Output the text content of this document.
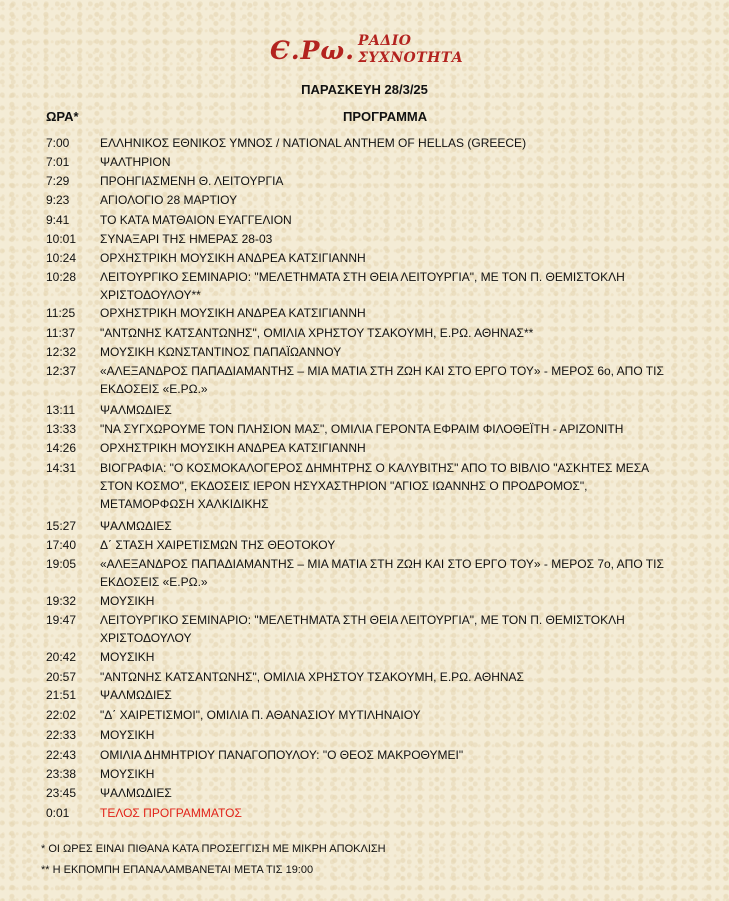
Є.Ρω. ΡΑΔΙΟ
ΣΥΧΝΟΤΗΤΑ
ΠΑΡΑΣΚΕΥΗ 28/3/25
ΩΡΑ*	ΠΡΟΓΡΑΜΜΑ
7:00	ΕΛΛΗΝΙΚΟΣ ΕΘΝΙΚΟΣ ΥΜΝΟΣ / NATIONAL ANTHEM OF HELLAS (GREECE)
7:01	ΨΑΛΤΗΡΙΟΝ
7:29	ΠΡΟΗΓΙΑΣΜΕΝΗ Θ. ΛΕΙΤΟΥΡΓΙΑ
9:23	ΑΓΙΟΛΟΓΙΟ 28 ΜΑΡΤΙΟΥ
9:41	ΤΟ ΚΑΤΑ ΜΑΤΘΑΙΟΝ ΕΥΑΓΓΕΛΙΟΝ
10:01 ΣΥΝΑΞΑΡΙ ΤΗΣ ΗΜΕΡΑΣ 28-03
10:24 ΟΡΧΗΣΤΡΙΚΗ ΜΟΥΣΙΚΗ ΑΝΔΡΕΑ ΚΑΤΣΙΓΙΑΝΝΗ
10:28 ΛΕΙΤΟΥΡΓΙΚΟ ΣΕΜΙΝΑΡΙΟ: "ΜΕΛΕΤΗΜΑΤΑ ΣΤΗ ΘΕΙΑ ΛΕΙΤΟΥΡΓΙΑ", ΜΕ ΤΟΝ Π. ΘΕΜΙΣΤΟΚΛΗ ΧΡΙΣΤΟΔΟΥΛΟΥ**
11:25 ΟΡΧΗΣΤΡΙΚΗ ΜΟΥΣΙΚΗ ΑΝΔΡΕΑ ΚΑΤΣΙΓΙΑΝΝΗ
11:37 "ΑΝΤΩΝΗΣ ΚΑΤΣΑΝΤΩΝΗΣ", ΟΜΙΛΙΑ ΧΡΗΣΤΟΥ ΤΣΑΚΟΥΜΗ, Ε.ΡΩ. ΑΘΗΝΑΣ**
12:32 ΜΟΥΣΙΚΗ ΚΩΝΣΤΑΝΤΙΝΟΣ ΠΑΠΑΪΩΑΝΝΟΥ
12:37 «ΑΛΕΞΑΝΔΡΟΣ ΠΑΠΑΔΙΑΜΑΝΤΗΣ – ΜΙΑ ΜΑΤΙΑ ΣΤΗ ΖΩΗ ΚΑΙ ΣΤΟ ΕΡΓΟ ΤΟΥ» - ΜΕΡΟΣ 6ο, ΑΠΟ ΤΙΣ ΕΚΔΟΣΕΙΣ «Ε.ΡΩ.»
13:11 ΨΑΛΜΩΔΙΕΣ
13:33 "ΝΑ ΣΥΓΧΩΡΟΥΜΕ ΤΟΝ ΠΛΗΣΙΟΝ ΜΑΣ", ΟΜΙΛΙΑ ΓΕΡΟΝΤΑ ΕΦΡΑΙΜ ΦΙΛΟΘΕΪΤΗ - ΑΡΙΖΟΝΙΤΗ
14:26 ΟΡΧΗΣΤΡΙΚΗ ΜΟΥΣΙΚΗ ΑΝΔΡΕΑ ΚΑΤΣΙΓΙΑΝΝΗ
14:31 ΒΙΟΓΡΑΦΙΑ: "Ο ΚΟΣΜΟΚΑΛΟΓΕΡΟΣ ΔΗΜΗΤΡΗΣ Ο ΚΑΛΥΒΙΤΗΣ" ΑΠΟ ΤΟ ΒΙΒΛΙΟ "ΑΣΚΗΤΕΣ ΜΕΣΑ ΣΤΟΝ ΚΟΣΜΟ", ΕΚΔΟΣΕΙΣ ΙΕΡΟΝ ΗΣΥΧΑΣΤΗΡΙΟΝ "ΑΓΙΟΣ ΙΩΑΝΝΗΣ Ο ΠΡΟΔΡΟΜΟΣ", ΜΕΤΑΜΟΡΦΩΣΗ ΧΑΛΚΙΔΙΚΗΣ
15:27 ΨΑΛΜΩΔΙΕΣ
17:40 Δ΄ ΣΤΑΣΗ ΧΑΙΡΕΤΙΣΜΩΝ ΤΗΣ ΘΕΟΤΟΚΟΥ
19:05 «ΑΛΕΞΑΝΔΡΟΣ ΠΑΠΑΔΙΑΜΑΝΤΗΣ – ΜΙΑ ΜΑΤΙΑ ΣΤΗ ΖΩΗ ΚΑΙ ΣΤΟ ΕΡΓΟ ΤΟΥ» - ΜΕΡΟΣ 7ο, ΑΠΟ ΤΙΣ ΕΚΔΟΣΕΙΣ «Ε.ΡΩ.»
19:32 ΜΟΥΣΙΚΗ
19:47 ΛΕΙΤΟΥΡΓΙΚΟ ΣΕΜΙΝΑΡΙΟ: "ΜΕΛΕΤΗΜΑΤΑ ΣΤΗ ΘΕΙΑ ΛΕΙΤΟΥΡΓΙΑ", ΜΕ ΤΟΝ Π. ΘΕΜΙΣΤΟΚΛΗ ΧΡΙΣΤΟΔΟΥΛΟΥ
20:42 ΜΟΥΣΙΚΗ
20:57 "ΑΝΤΩΝΗΣ ΚΑΤΣΑΝΤΩΝΗΣ", ΟΜΙΛΙΑ ΧΡΗΣΤΟΥ ΤΣΑΚΟΥΜΗ, Ε.ΡΩ. ΑΘΗΝΑΣ
21:51 ΨΑΛΜΩΔΙΕΣ
22:02 "Δ΄ ΧΑΙΡΕΤΙΣΜΟΙ", ΟΜΙΛΙΑ Π. ΑΘΑΝΑΣΙΟΥ ΜΥΤΙΛΗΝΑΙΟΥ
22:33 ΜΟΥΣΙΚΗ
22:43 ΟΜΙΛΙΑ ΔΗΜΗΤΡΙΟΥ ΠΑΝΑΓΟΠΟΥΛΟΥ: "Ο ΘΕΟΣ ΜΑΚΡΟΘΥΜΕΙ"
23:38 ΜΟΥΣΙΚΗ
23:45 ΨΑΛΜΩΔΙΕΣ
0:01	ΤΕΛΟΣ ΠΡΟΓΡΑΜΜΑΤΟΣ
* ΟΙ ΩΡΕΣ ΕΙΝΑΙ ΠΙΘΑΝΑ ΚΑΤΑ ΠΡΟΣΕΓΓΙΣΗ ΜΕ ΜΙΚΡΗ ΑΠΟΚΛΙΣΗ
** Η ΕΚΠΟΜΠΗ ΕΠΑΝΑΛΑΜΒΑΝΕΤΑΙ ΜΕΤΑ ΤΙΣ 19:00
